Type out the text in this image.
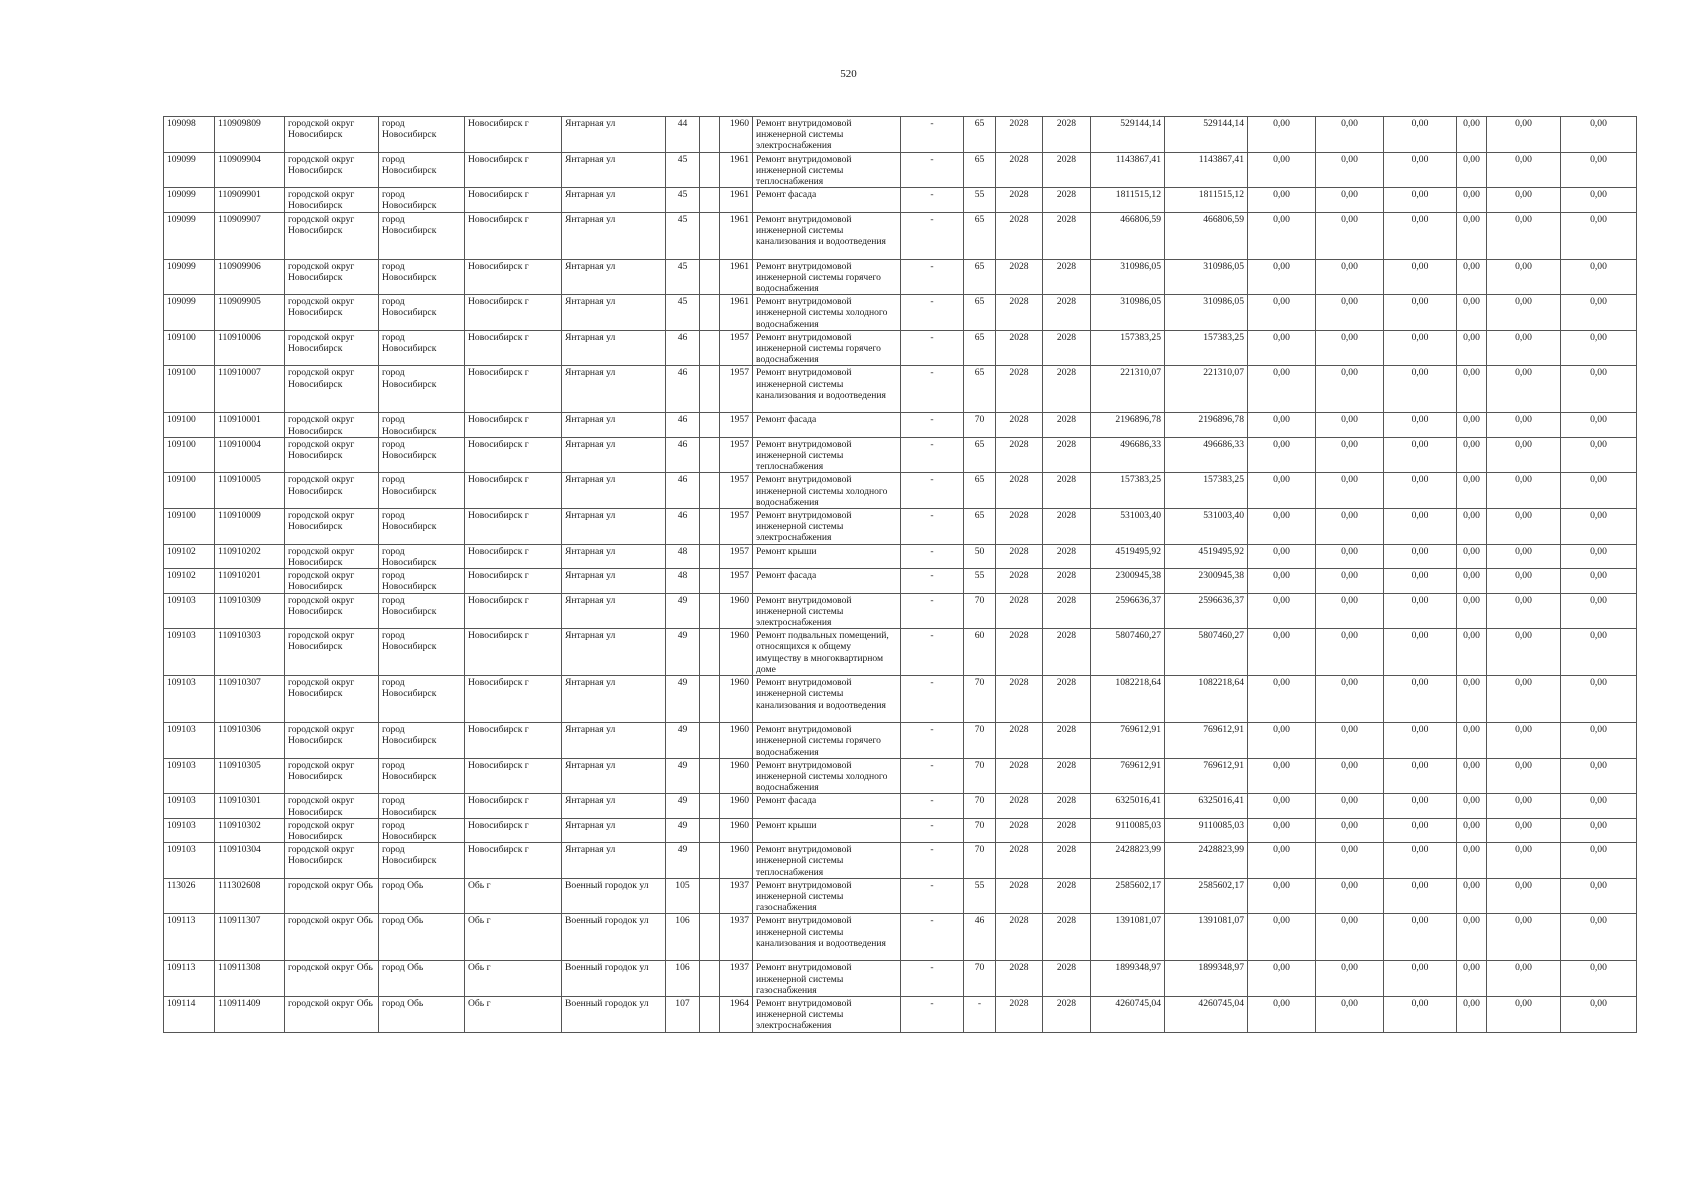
520
109098	110909809	городской округ Новосибирск	город Новосибирск	Новосибирск г	Янтарная ул	44		1960	Ремонт внутридомовой инженерной системы электроснабжения	-	65	2028	2028	529144,14	529144,14	0,00	0,00	0,00	0,00	0,00	0,00
109099	110909904	городской округ Новосибирск	город Новосибирск	Новосибирск г	Янтарная ул	45		1961	Ремонт внутридомовой инженерной системы теплоснабжения	-	65	2028	2028	1143867,41	1143867,41	0,00	0,00	0,00	0,00	0,00	0,00
109099	110909901	городской округ Новосибирск	город Новосибирск	Новосибирск г	Янтарная ул	45		1961	Ремонт фасада	-	55	2028	2028	1811515,12	1811515,12	0,00	0,00	0,00	0,00	0,00	0,00
109099	110909907	городской округ Новосибирск	город Новосибирск	Новосибирск г	Янтарная ул	45		1961	Ремонт внутридомовой инженерной системы канализования и водоотведения	-	65	2028	2028	466806,59	466806,59	0,00	0,00	0,00	0,00	0,00	0,00
109099	110909906	городской округ Новосибирск	город Новосибирск	Новосибирск г	Янтарная ул	45		1961	Ремонт внутридомовой инженерной системы горячего водоснабжения	-	65	2028	2028	310986,05	310986,05	0,00	0,00	0,00	0,00	0,00	0,00
109099	110909905	городской округ Новосибирск	город Новосибирск	Новосибирск г	Янтарная ул	45		1961	Ремонт внутридомовой инженерной системы холодного водоснабжения	-	65	2028	2028	310986,05	310986,05	0,00	0,00	0,00	0,00	0,00	0,00
109100	110910006	городской округ Новосибирск	город Новосибирск	Новосибирск г	Янтарная ул	46		1957	Ремонт внутридомовой инженерной системы горячего водоснабжения	-	65	2028	2028	157383,25	157383,25	0,00	0,00	0,00	0,00	0,00	0,00
109100	110910007	городской округ Новосибирск	город Новосибирск	Новосибирск г	Янтарная ул	46		1957	Ремонт внутридомовой инженерной системы канализования и водоотведения	-	65	2028	2028	221310,07	221310,07	0,00	0,00	0,00	0,00	0,00	0,00
109100	110910001	городской округ Новосибирск	город Новосибирск	Новосибирск г	Янтарная ул	46		1957	Ремонт фасада	-	70	2028	2028	2196896,78	2196896,78	0,00	0,00	0,00	0,00	0,00	0,00
109100	110910004	городской округ Новосибирск	город Новосибирск	Новосибирск г	Янтарная ул	46		1957	Ремонт внутридомовой инженерной системы теплоснабжения	-	65	2028	2028	496686,33	496686,33	0,00	0,00	0,00	0,00	0,00	0,00
109100	110910005	городской округ Новосибирск	город Новосибирск	Новосибирск г	Янтарная ул	46		1957	Ремонт внутридомовой инженерной системы холодного водоснабжения	-	65	2028	2028	157383,25	157383,25	0,00	0,00	0,00	0,00	0,00	0,00
109100	110910009	городской округ Новосибирск	город Новосибирск	Новосибирск г	Янтарная ул	46		1957	Ремонт внутридомовой инженерной системы электроснабжения	-	65	2028	2028	531003,40	531003,40	0,00	0,00	0,00	0,00	0,00	0,00
109102	110910202	городской округ Новосибирск	город Новосибирск	Новосибирск г	Янтарная ул	48		1957	Ремонт крыши	-	50	2028	2028	4519495,92	4519495,92	0,00	0,00	0,00	0,00	0,00	0,00
109102	110910201	городской округ Новосибирск	город Новосибирск	Новосибирск г	Янтарная ул	48		1957	Ремонт фасада	-	55	2028	2028	2300945,38	2300945,38	0,00	0,00	0,00	0,00	0,00	0,00
109103	110910309	городской округ Новосибирск	город Новосибирск	Новосибирск г	Янтарная ул	49		1960	Ремонт внутридомовой инженерной системы электроснабжения	-	70	2028	2028	2596636,37	2596636,37	0,00	0,00	0,00	0,00	0,00	0,00
109103	110910303	городской округ Новосибирск	город Новосибирск	Новосибирск г	Янтарная ул	49		1960	Ремонт подвальных помещений, относящихся к общему имуществу в многоквартирном доме	-	60	2028	2028	5807460,27	5807460,27	0,00	0,00	0,00	0,00	0,00	0,00
109103	110910307	городской округ Новосибирск	город Новосибирск	Новосибирск г	Янтарная ул	49		1960	Ремонт внутридомовой инженерной системы канализования и водоотведения	-	70	2028	2028	1082218,64	1082218,64	0,00	0,00	0,00	0,00	0,00	0,00
109103	110910306	городской округ Новосибирск	город Новосибирск	Новосибирск г	Янтарная ул	49		1960	Ремонт внутридомовой инженерной системы горячего водоснабжения	-	70	2028	2028	769612,91	769612,91	0,00	0,00	0,00	0,00	0,00	0,00
109103	110910305	городской округ Новосибирск	город Новосибирск	Новосибирск г	Янтарная ул	49		1960	Ремонт внутридомовой инженерной системы холодного водоснабжения	-	70	2028	2028	769612,91	769612,91	0,00	0,00	0,00	0,00	0,00	0,00
109103	110910301	городской округ Новосибирск	город Новосибирск	Новосибирск г	Янтарная ул	49		1960	Ремонт фасада	-	70	2028	2028	6325016,41	6325016,41	0,00	0,00	0,00	0,00	0,00	0,00
109103	110910302	городской округ Новосибирск	город Новосибирск	Новосибирск г	Янтарная ул	49		1960	Ремонт крыши	-	70	2028	2028	9110085,03	9110085,03	0,00	0,00	0,00	0,00	0,00	0,00
109103	110910304	городской округ Новосибирск	город Новосибирск	Новосибирск г	Янтарная ул	49		1960	Ремонт внутридомовой инженерной системы теплоснабжения	-	70	2028	2028	2428823,99	2428823,99	0,00	0,00	0,00	0,00	0,00	0,00
113026	111302608	городской округ Обь	город Обь	Обь г	Военный городок ул	105		1937	Ремонт внутридомовой инженерной системы газоснабжения	-	55	2028	2028	2585602,17	2585602,17	0,00	0,00	0,00	0,00	0,00	0,00
109113	110911307	городской округ Обь	город Обь	Обь г	Военный городок ул	106		1937	Ремонт внутридомовой инженерной системы канализования и водоотведения	-	46	2028	2028	1391081,07	1391081,07	0,00	0,00	0,00	0,00	0,00	0,00
109113	110911308	городской округ Обь	город Обь	Обь г	Военный городок ул	106		1937	Ремонт внутридомовой инженерной системы газоснабжения	-	70	2028	2028	1899348,97	1899348,97	0,00	0,00	0,00	0,00	0,00	0,00
109114	110911409	городской округ Обь	город Обь	Обь г	Военный городок ул	107		1964	Ремонт внутридомовой инженерной системы электроснабжения	-	-	2028	2028	4260745,04	4260745,04	0,00	0,00	0,00	0,00	0,00	0,00
